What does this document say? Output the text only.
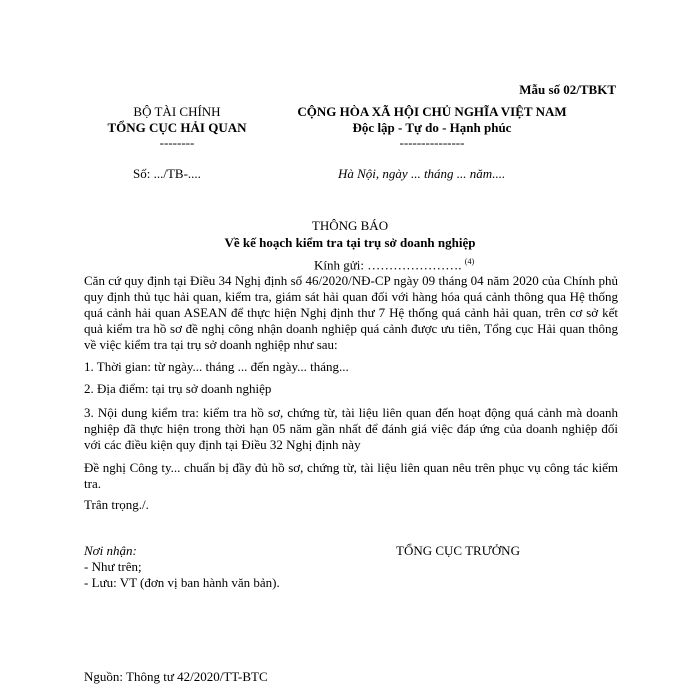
Mẫu số 02/TBKT
BỘ TÀI CHÍNH
TỔNG CỤC HẢI QUAN
--------
Số: .../TB-....
CỘNG HÒA XÃ HỘI CHỦ NGHĨA VIỆT NAM
Độc lập - Tự do - Hạnh phúc
---------------
Hà Nội, ngày ... tháng ... năm....
THÔNG BÁO
Về kế hoạch kiểm tra tại trụ sở doanh nghiệp
Kính gửi: …………………. $^{(4)}$
Căn cứ quy định tại Điều 34 Nghị định số 46/2020/NĐ-CP ngày 09 tháng 04 năm 2020 của Chính phủ quy định thủ tục hải quan, kiểm tra, giám sát hải quan đối với hàng hóa quá cảnh thông qua Hệ thống quá cảnh hải quan ASEAN để thực hiện Nghị định thư 7 Hệ thống quá cảnh hải quan, trên cơ sở kết quả kiểm tra hồ sơ đề nghị công nhận doanh nghiệp quá cảnh được ưu tiên, Tổng cục Hải quan thông về việc kiểm tra tại trụ sở doanh nghiệp như sau:
1. Thời gian: từ ngày... tháng ... đến ngày... tháng...
2. Địa điểm: tại trụ sở doanh nghiệp
3. Nội dung kiểm tra: kiểm tra hồ sơ, chứng từ, tài liệu liên quan đến hoạt động quá cảnh mà doanh nghiệp đã thực hiện trong thời hạn 05 năm gần nhất để đánh giá việc đáp ứng của doanh nghiệp đối với các điều kiện quy định tại Điều 32 Nghị định này
Đề nghị Công ty... chuẩn bị đầy đủ hồ sơ, chứng từ, tài liệu liên quan nêu trên phục vụ công tác kiểm tra.
Trân trọng./.
Nơi nhận:
- Như trên;
- Lưu: VT (đơn vị ban hành văn bản).
TỔNG CỤC TRƯỞNG
Nguồn: Thông tư 42/2020/TT-BTC
